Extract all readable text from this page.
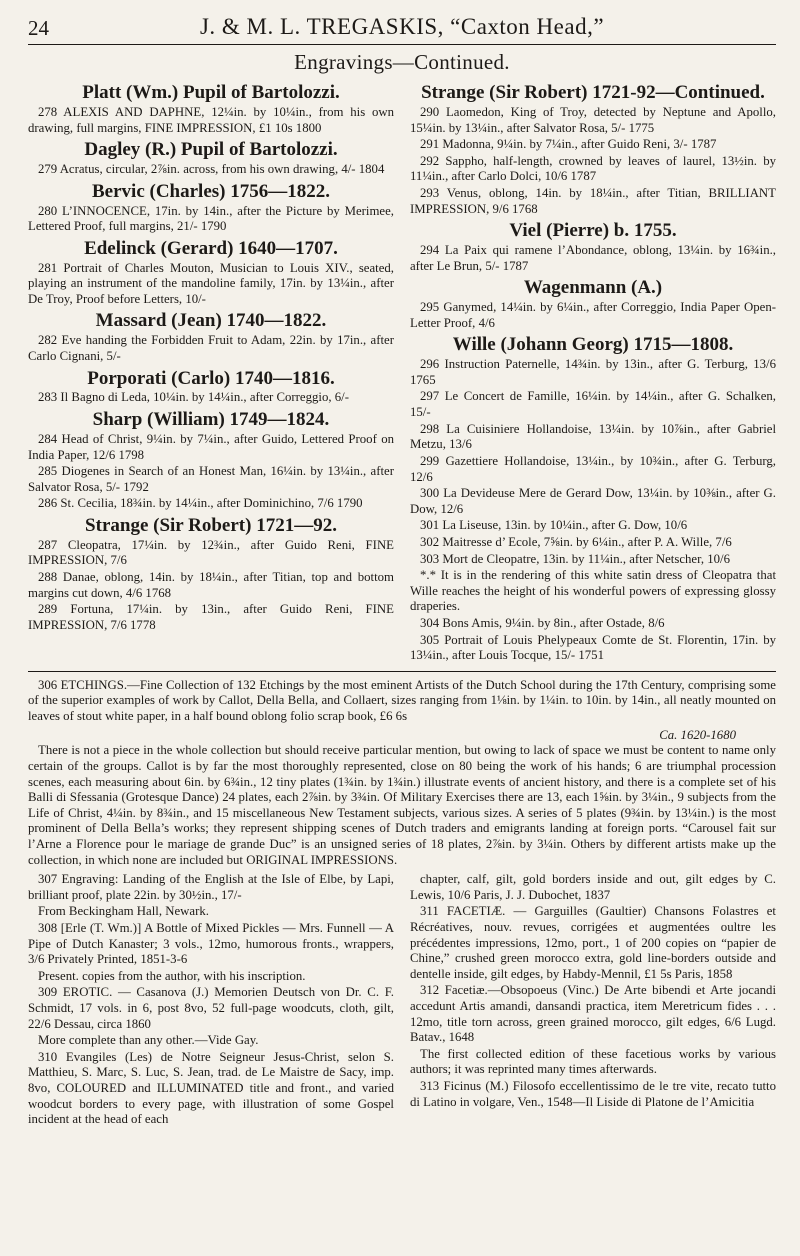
24	J. & M. L. TREGASKIS, “Caxton Head,”
Engravings—Continued.
Platt (Wm.) Pupil of Bartolozzi.

278 ALEXIS AND DAPHNE, 12¼in. by 10¼in., from his own drawing, full margins, FINE IMPRESSION, £1 10s 1800

Dagley (R.) Pupil of Bartolozzi.

279 Acratus, circular, 2⅞in. across, from his own drawing, 4/- 1804

Bervic (Charles) 1756—1822.

280 L’INNOCENCE, 17in. by 14in., after the Picture by Merimee, Lettered Proof, full margins, 21/- 1790

Edelinck (Gerard) 1640—1707.

281 Portrait of Charles Mouton, Musician to Louis XIV., seated, playing an instrument of the mandoline family, 17in. by 13¼in., after De Troy, Proof before Letters, 10/-

Massard (Jean) 1740—1822.

282 Eve handing the Forbidden Fruit to Adam, 22in. by 17in., after Carlo Cignani, 5/-

Porporati (Carlo) 1740—1816.

283 Il Bagno di Leda, 10¼in. by 14¼in., after Correggio, 6/-

Sharp (William) 1749—1824.

284 Head of Christ, 9¼in. by 7¼in., after Guido, Lettered Proof on India Paper, 12/6 1798

285 Diogenes in Search of an Honest Man, 16¼in. by 13¼in., after Salvator Rosa, 5/- 1792

286 St. Cecilia, 18¾in. by 14¼in., after Dominichino, 7/6 1790

Strange (Sir Robert) 1721—92.

287 Cleopatra, 17¼in. by 12¾in., after Guido Reni, FINE IMPRESSION, 7/6

288 Danae, oblong, 14in. by 18¼in., after Titian, top and bottom margins cut down, 4/6 1768

289 Fortuna, 17¼in. by 13in., after Guido Reni, FINE IMPRESSION, 7/6 1778

Strange (Sir Robert) 1721-92—Continued.

290 Laomedon, King of Troy, detected by Neptune and Apollo, 15¼in. by 13¼in., after Salvator Rosa, 5/- 1775

291 Madonna, 9¼in. by 7¼in., after Guido Reni, 3/- 1787

292 Sappho, half-length, crowned by leaves of laurel, 13½in. by 11¼in., after Carlo Dolci, 10/6 1787

293 Venus, oblong, 14in. by 18¼in., after Titian, BRILLIANT IMPRESSION, 9/6 1768

Viel (Pierre) b. 1755.

294 La Paix qui ramene l’Abondance, oblong, 13¼in. by 16¾in., after Le Brun, 5/- 1787

Wagenmann (A.)

295 Ganymed, 14¼in. by 6¼in., after Correggio, India Paper Open-Letter Proof, 4/6

Wille (Johann Georg) 1715—1808.

296 Instruction Paternelle, 14¾in. by 13in., after G. Terburg, 13/6 1765

297 Le Concert de Famille, 16¼in. by 14¼in., after G. Schalken, 15/-

298 La Cuisiniere Hollandoise, 13¼in. by 10⅞in., after Gabriel Metzu, 13/6

299 Gazettiere Hollandoise, 13¼in., by 10¾in., after G. Terburg, 12/6

300 La Devideuse Mere de Gerard Dow, 13¼in. by 10⅜in., after G. Dow, 12/6

301 La Liseuse, 13in. by 10¼in., after G. Dow, 10/6

302 Maitresse d’ Ecole, 7⅝in. by 6¼in., after P. A. Wille, 7/6

303 Mort de Cleopatre, 13in. by 11¼in., after Netscher, 10/6

*.* It is in the rendering of this white satin dress of Cleopatra that Wille reaches the height of his wonderful powers of expressing glossy draperies.

304 Bons Amis, 9¼in. by 8in., after Ostade, 8/6

305 Portrait of Louis Phelypeaux Comte de St. Florentin, 17in. by 13¼in., after Louis Tocque, 15/- 1751

306 ETCHINGS.—Fine Collection of 132 Etchings by the most eminent Artists of the Dutch School during the 17th Century, comprising some of the superior examples of work by Callot, Della Bella, and Collaert, sizes ranging from 1⅛in. by 1¼in. to 10in. by 14in., all neatly mounted on leaves of stout white paper, in a half bound oblong folio scrap book, £6 6s

Ca. 1620-1680

There is not a piece in the whole collection but should receive particular mention, but owing to lack of space we must be content to name only certain of the groups. Callot is by far the most thoroughly represented, close on 80 being the work of his hands; 6 are triumphal procession scenes, each measuring about 6in. by 6¾in., 12 tiny plates (1¾in. by 1¾in.) illustrate events of ancient history, and there is a complete set of his Balli di Sfessania (Grotesque Dance) 24 plates, each 2⅞in. by 3¾in. Of Military Exercises there are 13, each 1⅝in. by 3¼in., 9 subjects from the Life of Christ, 4¼in. by 8¾in., and 15 miscellaneous New Testament subjects, various sizes. A series of 5 plates (9¾in. by 13¼in.) is the most prominent of Della Bella’s works; they represent shipping scenes of Dutch traders and emigrants landing at foreign ports. “Carousel fait sur l’Arne a Florence pour le mariage de grande Duc” is an unsigned series of 18 plates, 2⅞in. by 3¼in. Others by different artists make up the collection, in which none are included but ORIGINAL IMPRESSIONS.

307 Engraving: Landing of the English at the Isle of Elbe, by Lapi, brilliant proof, plate 22in. by 30½in., 17/-

From Beckingham Hall, Newark.

308 [Erle (T. Wm.)] A Bottle of Mixed Pickles — Mrs. Funnell — A Pipe of Dutch Kanaster; 3 vols., 12mo, humorous fronts., wrappers, 3/6 Privately Printed, 1851-3-6

Present. copies from the author, with his inscription.

309 EROTIC. — Casanova (J.) Memorien Deutsch von Dr. C. F. Schmidt, 17 vols. in 6, post 8vo, 52 full-page woodcuts, cloth, gilt, 22/6 Dessau, circa 1860

More complete than any other.—Vide Gay.

310 Evangiles (Les) de Notre Seigneur Jesus-Christ, selon S. Matthieu, S. Marc, S. Luc, S. Jean, trad. de Le Maistre de Sacy, imp. 8vo, COLOURED and ILLUMINATED title and front., and varied woodcut borders to every page, with illustration of some Gospel incident at the head of each

chapter, calf, gilt, gold borders inside and out, gilt edges by C. Lewis, 10/6 Paris, J. J. Dubochet, 1837

311 FACETIÆ. — Garguilles (Gaultier) Chansons Folastres et Récréatives, nouv. revues, corrigées et augmentées oultre les précédentes impressions, 12mo, port., 1 of 200 copies on “papier de Chine,” crushed green morocco extra, gold line-borders outside and dentelle inside, gilt edges, by Habdy-Mennil, £1 5s Paris, 1858

312 Facetiæ.—Obsopoeus (Vinc.) De Arte bibendi et Arte jocandi accedunt Artis amandi, dansandi practica, item Meretricum fides . . . 12mo, title torn across, green grained morocco, gilt edges, 6/6 Lugd. Batav., 1648

The first collected edition of these facetious works by various authors; it was reprinted many times afterwards.

313 Ficinus (M.) Filosofo eccellentissimo de le tre vite, recato tutto di Latino in volgare, Ven., 1548—Il Liside di Platone de l’Amicitia
